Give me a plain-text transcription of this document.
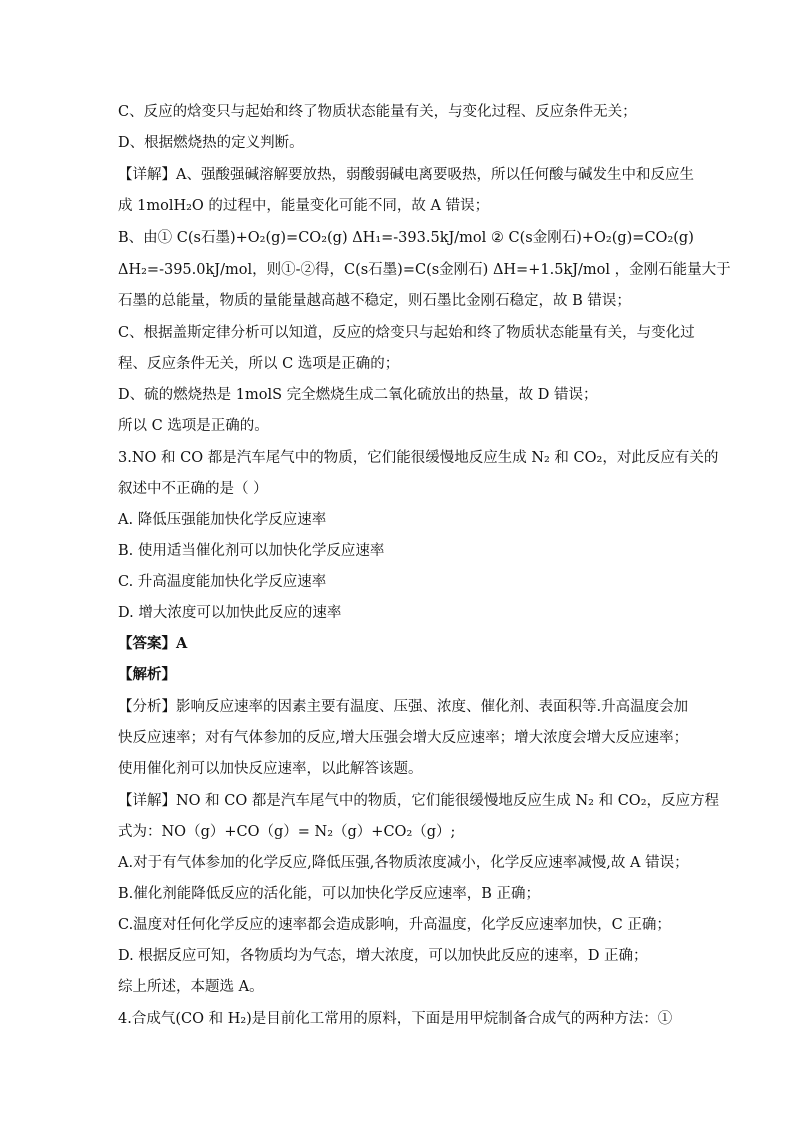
C、反应的焓变只与起始和终了物质状态能量有关，与变化过程、反应条件无关；
D、根据燃烧热的定义判断。
【详解】A、强酸强碱溶解要放热，弱酸弱碱电离要吸热，所以任何酸与碱发生中和反应生
成 1molH₂O 的过程中，能量变化可能不同，故 A 错误；
B、由① C(s石墨)+O₂(g)=CO₂(g) ΔH₁=-393.5kJ/mol ② C(s金刚石)+O₂(g)=CO₂(g)
ΔH₂=-395.0kJ/mol，则①-②得，C(s石墨)=C(s金刚石) ΔH=+1.5kJ/mol ，金刚石能量大于
石墨的总能量，物质的量能量越高越不稳定，则石墨比金刚石稳定，故 B 错误；
C、根据盖斯定律分析可以知道，反应的焓变只与起始和终了物质状态能量有关，与变化过
程、反应条件无关，所以 C 选项是正确的；
D、硫的燃烧热是 1molS 完全燃烧生成二氧化硫放出的热量，故 D 错误；
所以 C 选项是正确的。
3.NO 和 CO 都是汽车尾气中的物质，它们能很缓慢地反应生成 N₂ 和 CO₂，对此反应有关的
叙述中不正确的是（ ）
A. 降低压强能加快化学反应速率
B. 使用适当催化剂可以加快化学反应速率
C. 升高温度能加快化学反应速率
D. 增大浓度可以加快此反应的速率
【答案】A
【解析】
【分析】影响反应速率的因素主要有温度、压强、浓度、催化剂、表面积等.升高温度会加
快反应速率；对有气体参加的反应,增大压强会增大反应速率；增大浓度会增大反应速率；
使用催化剂可以加快反应速率，以此解答该题。
【详解】NO 和 CO 都是汽车尾气中的物质，它们能很缓慢地反应生成 N₂ 和 CO₂，反应方程
式为：NO（g）+CO（g）= N₂（g）+CO₂（g）;
A.对于有气体参加的化学反应,降低压强,各物质浓度减小，化学反应速率减慢,故 A 错误；
B.催化剂能降低反应的活化能，可以加快化学反应速率，B 正确；
C.温度对任何化学反应的速率都会造成影响，升高温度，化学反应速率加快，C 正确；
D. 根据反应可知，各物质均为气态，增大浓度，可以加快此反应的速率，D 正确；
综上所述，本题选 A。
4.合成气(CO 和 H₂)是目前化工常用的原料，下面是用甲烷制备合成气的两种方法：①
